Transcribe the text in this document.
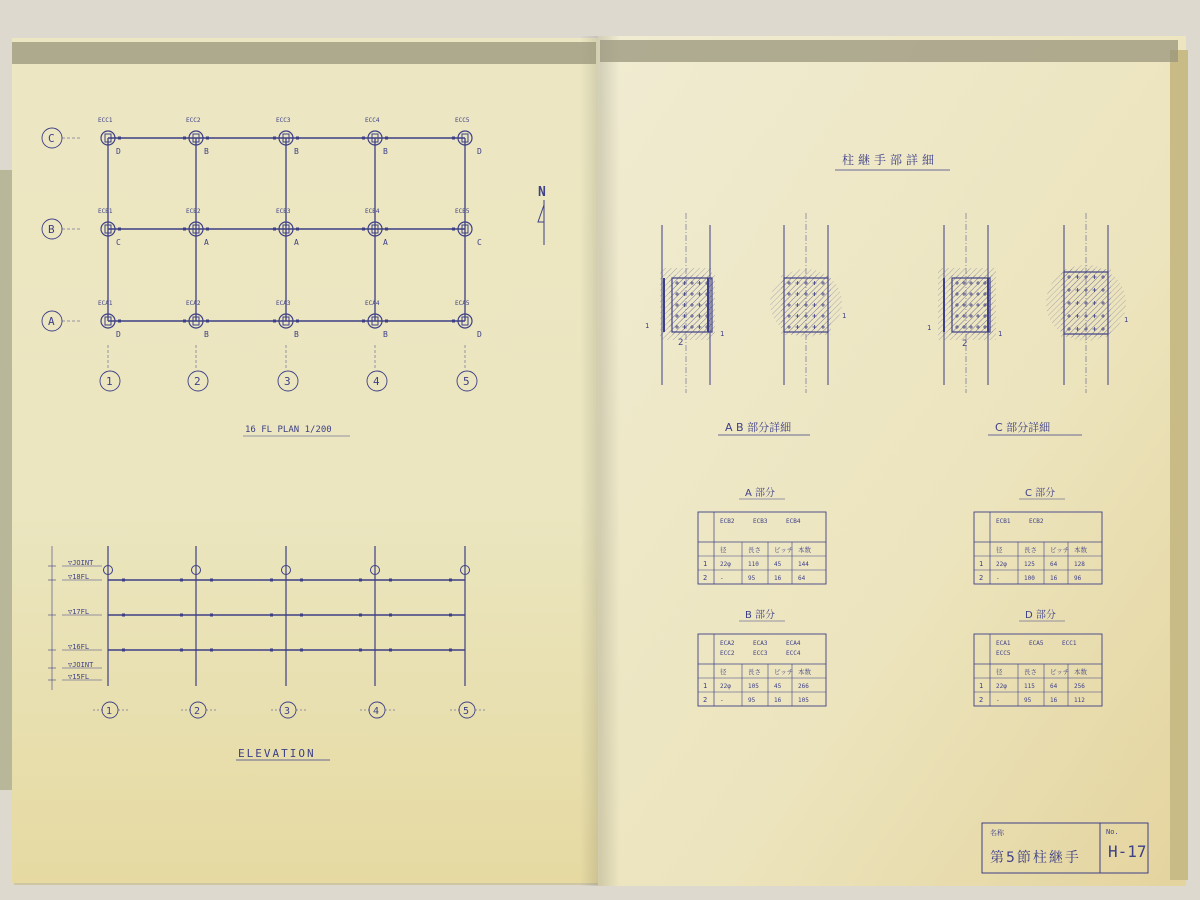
C
B
A
1	2	3	4	5
ECC1
D
ECC2
B
ECC3
B
ECC4
B
ECC5
D
ECB1
C
ECB2
A
ECB3
A
ECB4
A
ECB5
C
ECA1
D
ECA2
B
ECA3
B
ECA4
B
ECA5
D
N
16 FL PLAN 1/200
▽JOINT
▽18FL
▽17FL
▽16FL
▽JOINT
▽15FL
1	2	3	4	5
ELEVATION
柱継手部詳細
1
1
2
1
1
1
2
1
A B 部分詳細	C 部分詳細
A 部分
ECB2	ECB3	ECB4
径	長さ ピッチ 本数
1 22φ	110	45	144
2 -	95	16	64
C 部分
ECB1	ECB2
径	長さ ピッチ 本数
1 22φ	125	64	128
2 -	100	16	96
B 部分
ECA2	ECA3	ECA4
ECC2	ECC3	ECC4
径	長さ ピッチ 本数
1 22φ	105	45	266
2 -	95	16	105
D 部分
ECA1	ECA5	ECC1
ECC5
径	長さ ピッチ 本数
1 22φ	115	64	256
2 -	95	16	112
名称
第5節柱継手
No.
H-17
